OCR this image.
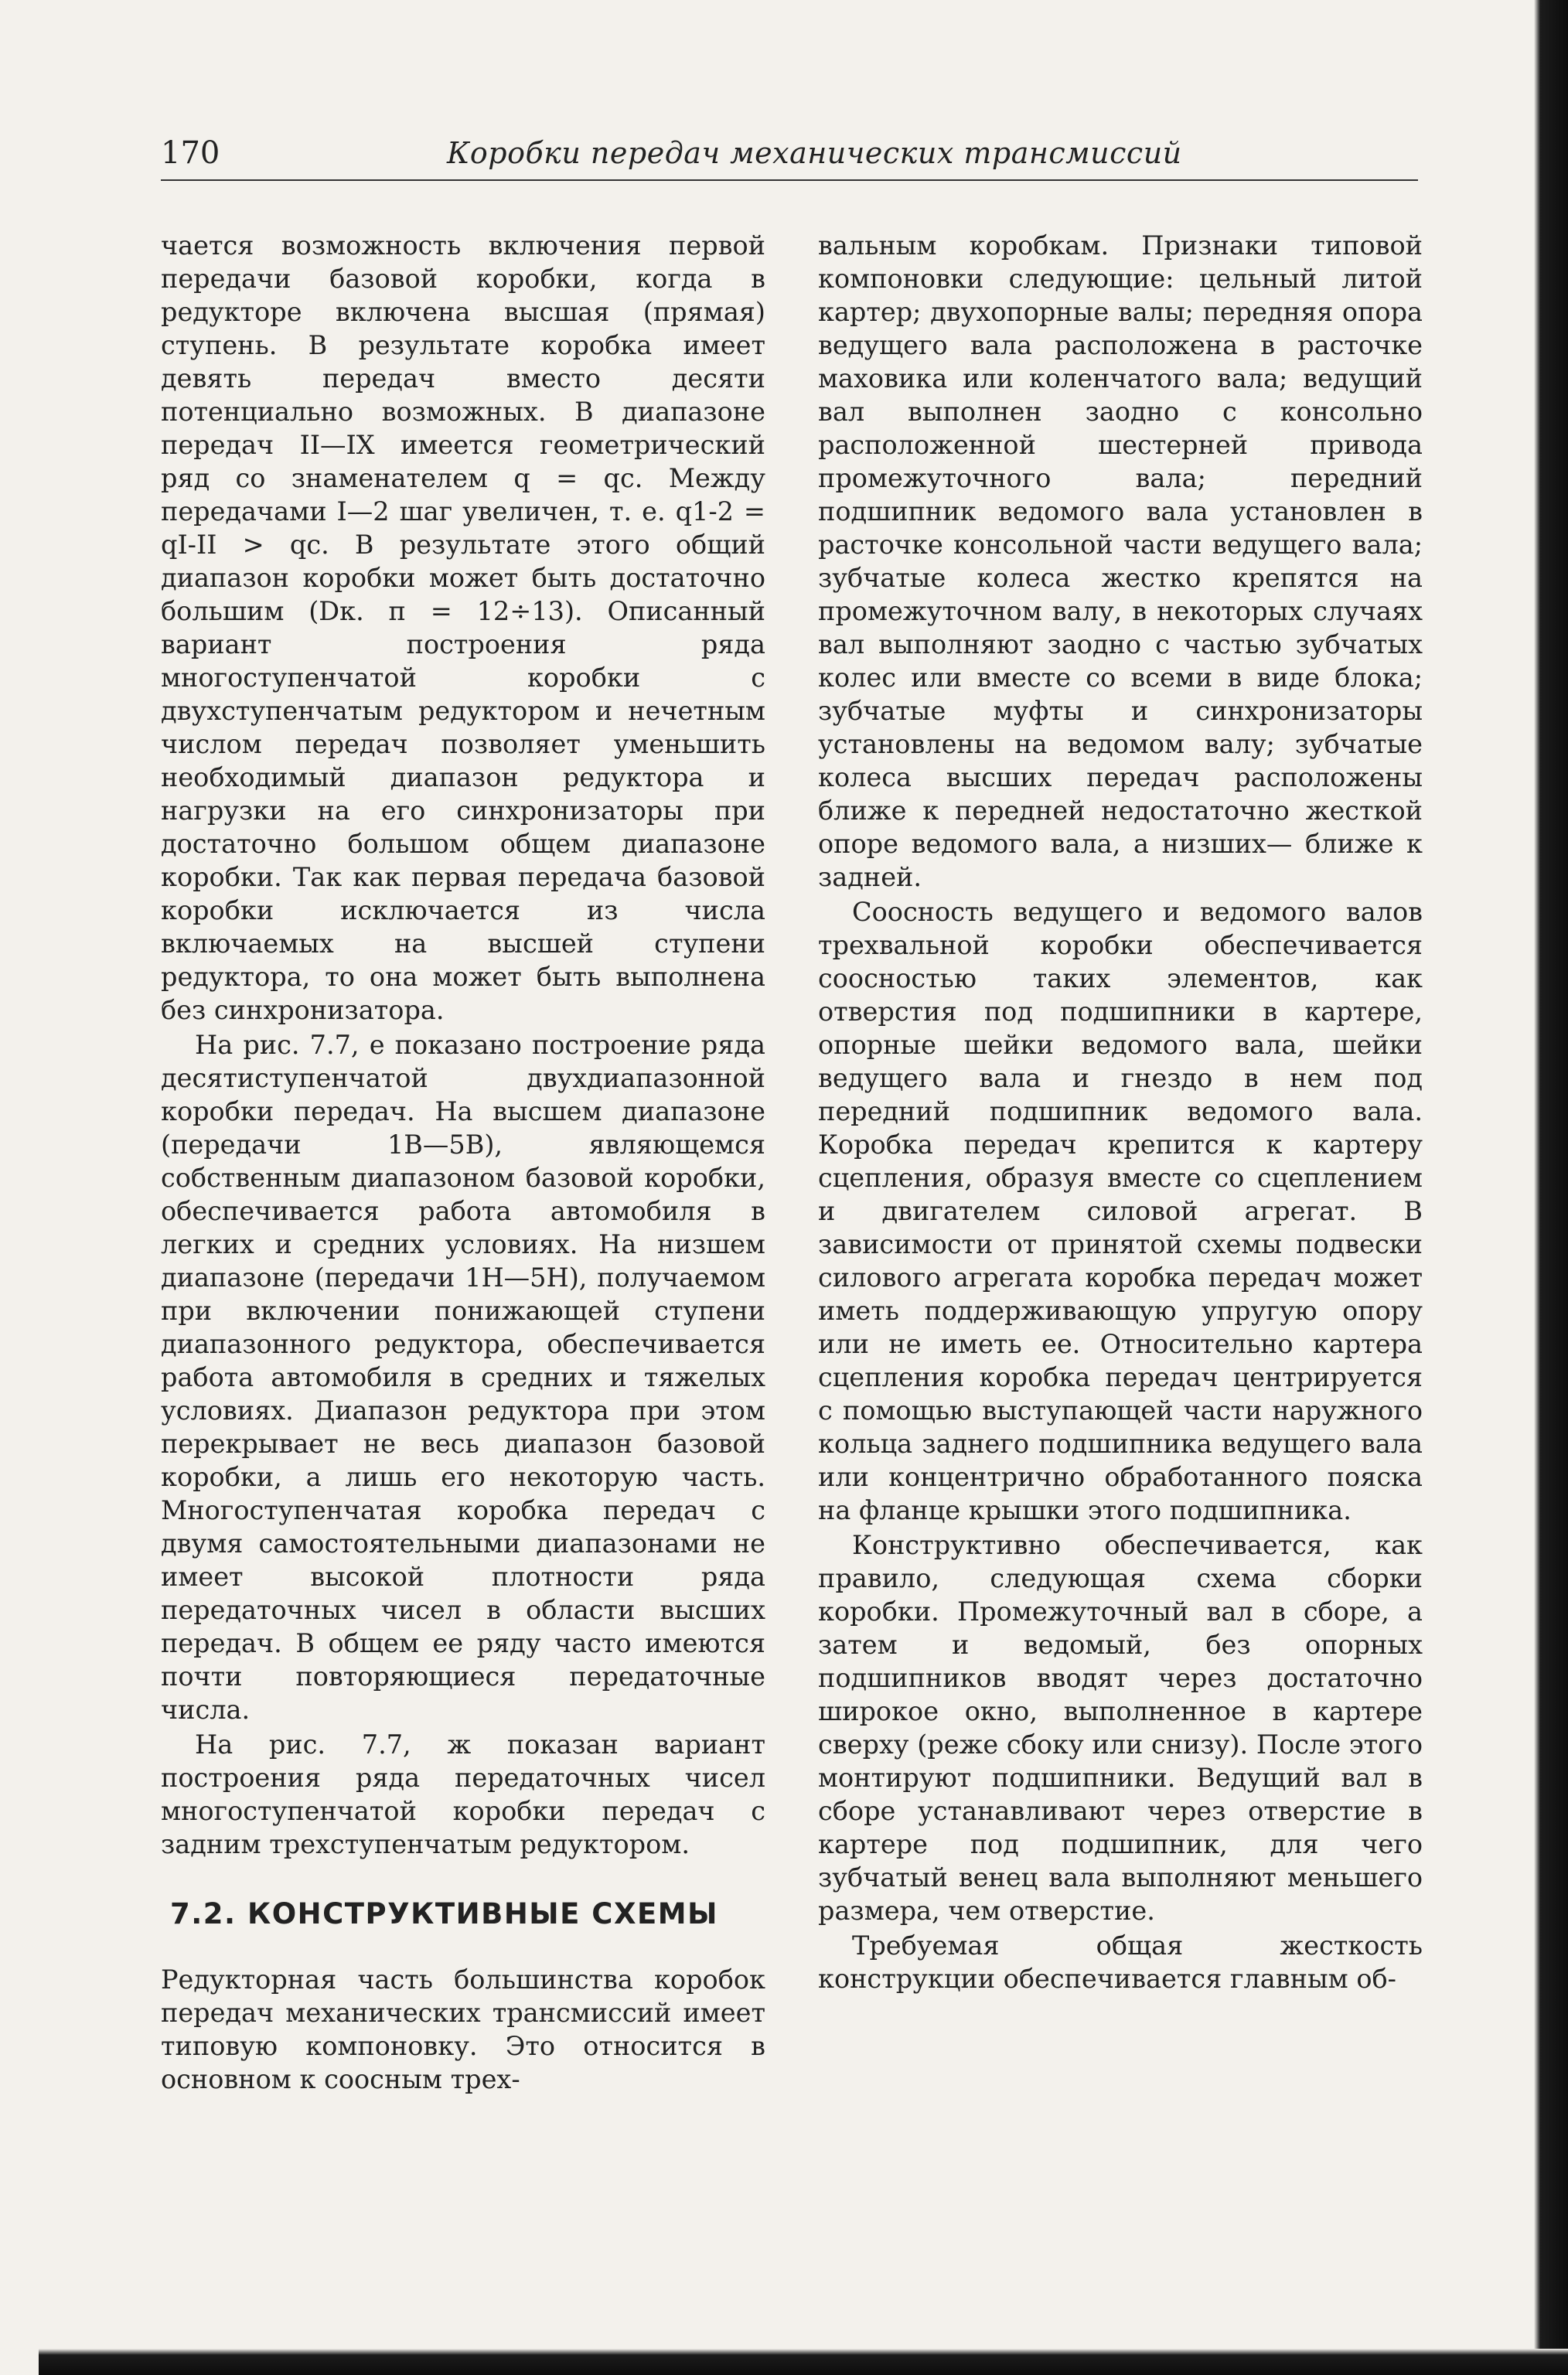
170	Коробки передач механических трансмиссий

чается возможность включения первой передачи базовой коробки, когда в редукторе включена высшая (прямая) ступень. В результате коробка имеет девять передач вместо десяти потенциально возможных. В диапазоне передач II—IX имеется геометрический ряд со знаменателем q = qс. Между передачами I—2 шаг увеличен, т. е. q1-2 = qI-II > qс. В результате этого общий диапазон коробки может быть достаточно большим (Dк. п = 12÷13). Описанный вариант построения ряда многоступенчатой коробки с двухступенчатым редуктором и нечетным числом передач позволяет уменьшить необходимый диапазон редуктора и нагрузки на его синхронизаторы при достаточно большом общем диапазоне коробки. Так как первая передача базовой коробки исключается из числа включаемых на высшей ступени редуктора, то она может быть выполнена без синхронизатора.

На рис. 7.7, е показано построение ряда десятиступенчатой двухдиапазонной коробки передач. На высшем диапазоне (передачи 1В—5В), являющемся собственным диапазоном базовой коробки, обеспечивается работа автомобиля в легких и средних условиях. На низшем диапазоне (передачи 1Н—5Н), получаемом при включении понижающей ступени диапазонного редуктора, обеспечивается работа автомобиля в средних и тяжелых условиях. Диапазон редуктора при этом перекрывает не весь диапазон базовой коробки, а лишь его некоторую часть. Многоступенчатая коробка передач с двумя самостоятельными диапазонами не имеет высокой плотности ряда передаточных чисел в области высших передач. В общем ее ряду часто имеются почти повторяющиеся передаточные числа.

На рис. 7.7, ж показан вариант построения ряда передаточных чисел многоступенчатой коробки передач с задним трехступенчатым редуктором.

7.2. КОНСТРУКТИВНЫЕ СХЕМЫ

Редукторная часть большинства коробок передач механических трансмиссий имеет типовую компоновку. Это относится в основном к соосным трех-

вальным коробкам. Признаки типовой компоновки следующие: цельный литой картер; двухопорные валы; передняя опора ведущего вала расположена в расточке маховика или коленчатого вала; ведущий вал выполнен заодно с консольно расположенной шестерней привода промежуточного вала; передний подшипник ведомого вала установлен в расточке консольной части ведущего вала; зубчатые колеса жестко крепятся на промежуточном валу, в некоторых случаях вал выполняют заодно с частью зубчатых колес или вместе со всеми в виде блока; зубчатые муфты и синхронизаторы установлены на ведомом валу; зубчатые колеса высших передач расположены ближе к передней недостаточно жесткой опоре ведомого вала, а низших— ближе к задней.

Соосность ведущего и ведомого валов трехвальной коробки обеспечивается соосностью таких элементов, как отверстия под подшипники в картере, опорные шейки ведомого вала, шейки ведущего вала и гнездо в нем под передний подшипник ведомого вала. Коробка передач крепится к картеру сцепления, образуя вместе со сцеплением и двигателем силовой агрегат. В зависимости от принятой схемы подвески силового агрегата коробка передач может иметь поддерживающую упругую опору или не иметь ее. Относительно картера сцепления коробка передач центрируется с помощью выступающей части наружного кольца заднего подшипника ведущего вала или концентрично обработанного пояска на фланце крышки этого подшипника.

Конструктивно обеспечивается, как правило, следующая схема сборки коробки. Промежуточный вал в сборе, а затем и ведомый, без опорных подшипников вводят через достаточно широкое окно, выполненное в картере сверху (реже сбоку или снизу). После этого монтируют подшипники. Ведущий вал в сборе устанавливают через отверстие в картере под подшипник, для чего зубчатый венец вала выполняют меньшего размера, чем отверстие.

Требуемая общая жесткость конструкции обеспечивается главным об-
